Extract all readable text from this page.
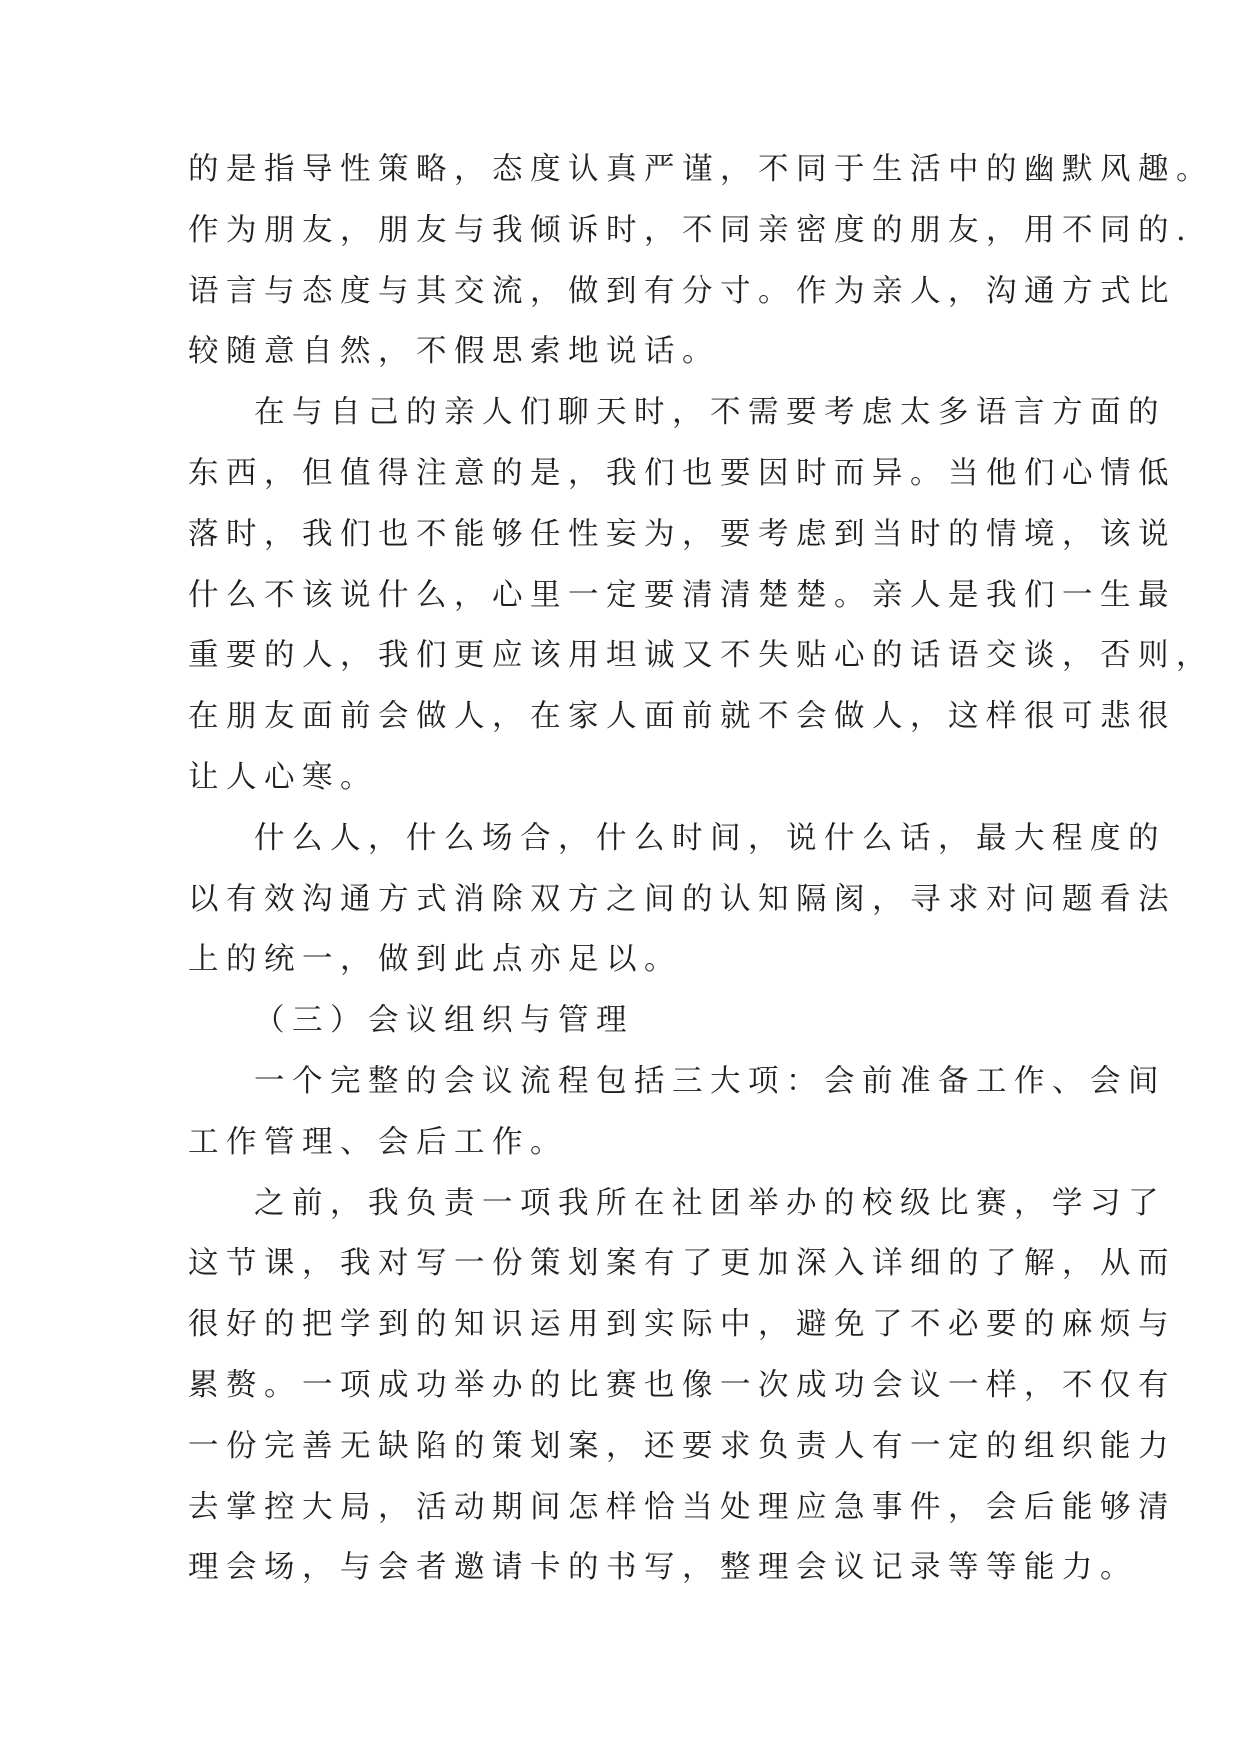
的是指导性策略，态度认真严谨，不同于生活中的幽默风趣。

作为朋友，朋友与我倾诉时，不同亲密度的朋友，用不同的.

语言与态度与其交流，做到有分寸。作为亲人，沟通方式比

较随意自然，不假思索地说话。

在与自己的亲人们聊天时，不需要考虑太多语言方面的

东西，但值得注意的是，我们也要因时而异。当他们心情低

落时，我们也不能够任性妄为，要考虑到当时的情境，该说

什么不该说什么，心里一定要清清楚楚。亲人是我们一生最

重要的人，我们更应该用坦诚又不失贴心的话语交谈，否则，

在朋友面前会做人，在家人面前就不会做人，这样很可悲很

让人心寒。

什么人，什么场合，什么时间，说什么话，最大程度的

以有效沟通方式消除双方之间的认知隔阂，寻求对问题看法

上的统一，做到此点亦足以。

（三）会议组织与管理

一个完整的会议流程包括三大项：会前准备工作、会间

工作管理、会后工作。

之前，我负责一项我所在社团举办的校级比赛，学习了

这节课，我对写一份策划案有了更加深入详细的了解，从而

很好的把学到的知识运用到实际中，避免了不必要的麻烦与

累赘。一项成功举办的比赛也像一次成功会议一样，不仅有

一份完善无缺陷的策划案，还要求负责人有一定的组织能力

去掌控大局，活动期间怎样恰当处理应急事件，会后能够清

理会场，与会者邀请卡的书写，整理会议记录等等能力。
